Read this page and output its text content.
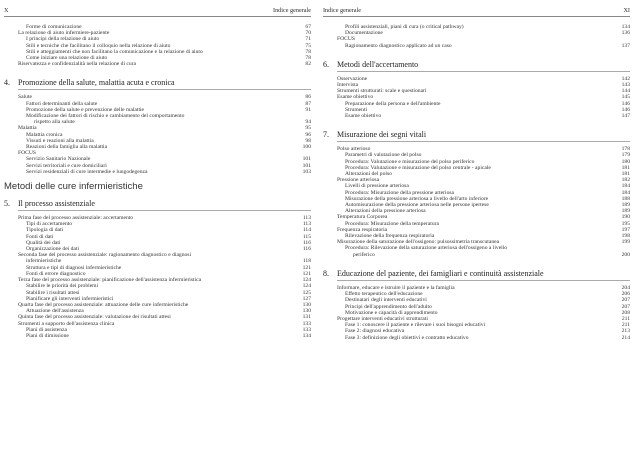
X	Indice generale
Forme di comunicazione	67
La relazione di aiuto infermiere-paziente	70
I principi della relazione di aiuto	71
Stili e tecniche che facilitano il colloquio nella relazione di aiuto	75
Stili e atteggiamenti che non facilitano la comunicazione e la relazione di aiuto	78
Come iniziare una relazione di aiuto	78
Riservatezza e confidenzialità nella relazione di cura	82
4. Promozione della salute, malattia acuta e cronica
Salute	86
Fattori determinanti della salute	87
Promozione della salute e prevenzione delle malattie	91
Modificazione dei fattori di rischio e cambiamento del comportamento
rispetto alla salute	94
Malattia	95
Malattia cronica	96
Vissuti e reazioni alla malattia	98
Reazioni della famiglia alla malattia	100
FOCUS
Servizio Sanitario Nazionale	101
Servizi territoriali e cure domiciliari	101
Servizi residenziali di cure intermedie e lungodegenza	103
Metodi delle cure infermieristiche
5. Il processo assistenziale
Prima fase del processo assistenziale: accertamento	113
Tipi di accertamento	113
Tipologia di dati	114
Fonti di dati	115
Qualità dei dati	116
Organizzazione dei dati	116
Seconda fase del processo assistenziale: ragionamento diagnostico e diagnosi
infermieristiche	118
Struttura e tipi di diagnosi infermieristiche	121
Fonti di errore diagnostico	121
Terza fase del processo assistenziale: pianificazione dell'assistenza infermieristica	124
Stabilire le priorità dei problemi	124
Stabilire i risultati attesi	125
Pianificare gli interventi infermieristici	127
Quarta fase del processo assistenziale: attuazione delle cure infermieristiche	130
Attuazione dell'assistenza	130
Quinta fase del processo assistenziale: valutazione dei risultati attesi	131
Strumenti a supporto dell'assistenza clinica	133
Piani di assistenza	133
Piani di dimissione	134
Indice generale	XI
Profili assistenziali, piani di cura (o critical pathway)	134
Documentazione	136
FOCUS
Ragionamento diagnostico applicato ad un caso	137
6. Metodi dell'accertamento
Osservazione	142
Intervista	143
Strumenti strutturati: scale e questionari	144
Esame obiettivo	145
Preparazione della persona e dell'ambiente	146
Strumenti	146
Esame obiettivo	147
7. Misurazione dei segni vitali
Polso arterioso	178
Parametri di valutazione del polso	179
Procedura: Valutazione e misurazione del polso periferico	180
Procedura: Valutazione e misurazione del polso centrale - apicale	181
Alterazioni del polso	181
Pressione arteriosa	182
Livelli di pressione arteriosa	184
Procedura: Misurazione della pressione arteriosa	184
Misurazione della pressione arteriosa a livello dell'arto inferiore	188
Automisurazione della pressione arteriosa nelle persone ipertese	189
Alterazioni della pressione arteriosa	189
Temperatura Corporea	190
Procedura: Misurazione della temperatura	195
Frequenza respiratoria	197
Rilevazione della frequenza respiratoria	198
Misurazione della saturazione dell'ossigeno: pulsossimetria transcutanea	199
Procedura: Rilevazione della saturazione arteriosa dell'ossigeno a livello
periferico	200
8. Educazione del paziente, dei famigliari e continuità assistenziale
Informare, educare e istruire il paziente e la famiglia	204
Effetto terapeutico dell'educazione	206
Destinatari degli interventi educativi	207
Principi dell'apprendimento dell'adulto	207
Motivazione e capacità di apprendimento	208
Progettare interventi educativi strutturati	211
Fase 1: conoscere il paziente e rilevare i suoi bisogni educativi	211
Fase 2: diagnosi educativa	213
Fase 3: definizione degli obiettivi e contratto educativo	214
